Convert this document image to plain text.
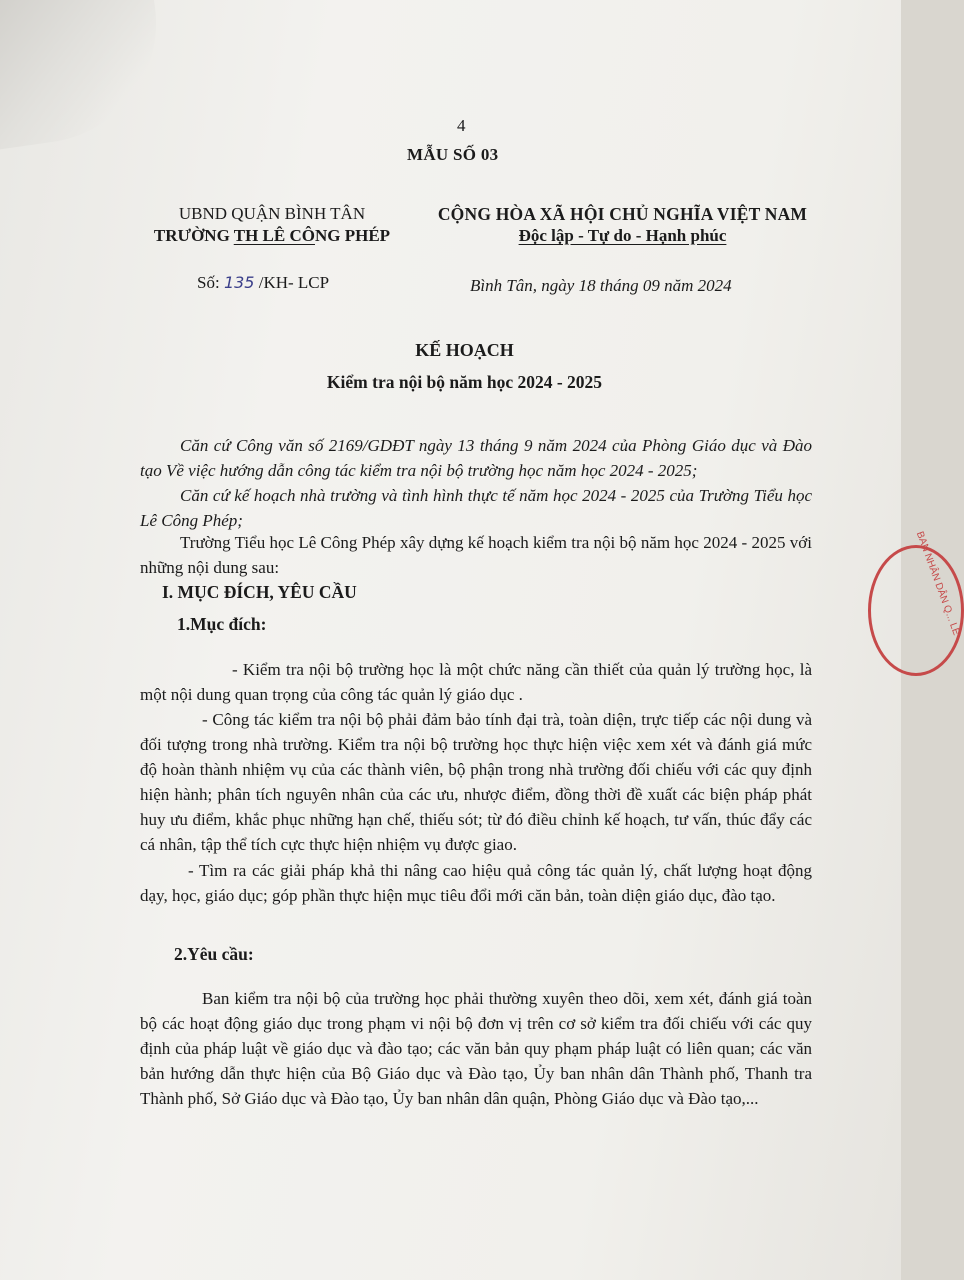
BAN NHÂN DÂN Q... LÊ
4
MẪU SỐ 03
UBND QUẬN BÌNH TÂN
TRƯỜNG TH LÊ CÔNG PHÉP
CỘNG HÒA XÃ HỘI CHỦ NGHĨA VIỆT NAM
Độc lập - Tự do - Hạnh phúc
Số: 135 /KH- LCP	Bình Tân, ngày 18 tháng 09 năm 2024
KẾ HOẠCH
Kiểm tra nội bộ năm học 2024 - 2025

Căn cứ Công văn số 2169/GDĐT ngày 13 tháng 9 năm 2024 của Phòng Giáo dục và Đào tạo Về việc hướng dẫn công tác kiểm tra nội bộ trường học năm học 2024 - 2025;

Căn cứ kế hoạch nhà trường và tình hình thực tế năm học 2024 - 2025 của Trường Tiểu học Lê Công Phép;

Trường Tiểu học Lê Công Phép xây dựng kế hoạch kiểm tra nội bộ năm học 2024 - 2025 với những nội dung sau:

I. MỤC ĐÍCH, YÊU CẦU
1.Mục đích:

- Kiểm tra nội bộ trường học là một chức năng cần thiết của quản lý trường học, là một nội dung quan trọng của công tác quản lý giáo dục .

- Công tác kiểm tra nội bộ phải đảm bảo tính đại trà, toàn diện, trực tiếp các nội dung và đối tượng trong nhà trường. Kiểm tra nội bộ trường học thực hiện việc xem xét và đánh giá mức độ hoàn thành nhiệm vụ của các thành viên, bộ phận trong nhà trường đối chiếu với các quy định hiện hành; phân tích nguyên nhân của các ưu, nhược điểm, đồng thời đề xuất các biện pháp phát huy ưu điểm, khắc phục những hạn chế, thiếu sót; từ đó điều chỉnh kế hoạch, tư vấn, thúc đẩy các cá nhân, tập thể tích cực thực hiện nhiệm vụ được giao.

- Tìm ra các giải pháp khả thi nâng cao hiệu quả công tác quản lý, chất lượng hoạt động dạy, học, giáo dục; góp phần thực hiện mục tiêu đổi mới căn bản, toàn diện giáo dục, đào tạo.

2.Yêu cầu:

Ban kiểm tra nội bộ của trường học phải thường xuyên theo dõi, xem xét, đánh giá toàn bộ các hoạt động giáo dục trong phạm vi nội bộ đơn vị trên cơ sở kiểm tra đối chiếu với các quy định của pháp luật về giáo dục và đào tạo; các văn bản quy phạm pháp luật có liên quan; các văn bản hướng dẫn thực hiện của Bộ Giáo dục và Đào tạo, Ủy ban nhân dân Thành phố, Thanh tra Thành phố, Sở Giáo dục và Đào tạo, Ủy ban nhân dân quận, Phòng Giáo dục và Đào tạo,...
